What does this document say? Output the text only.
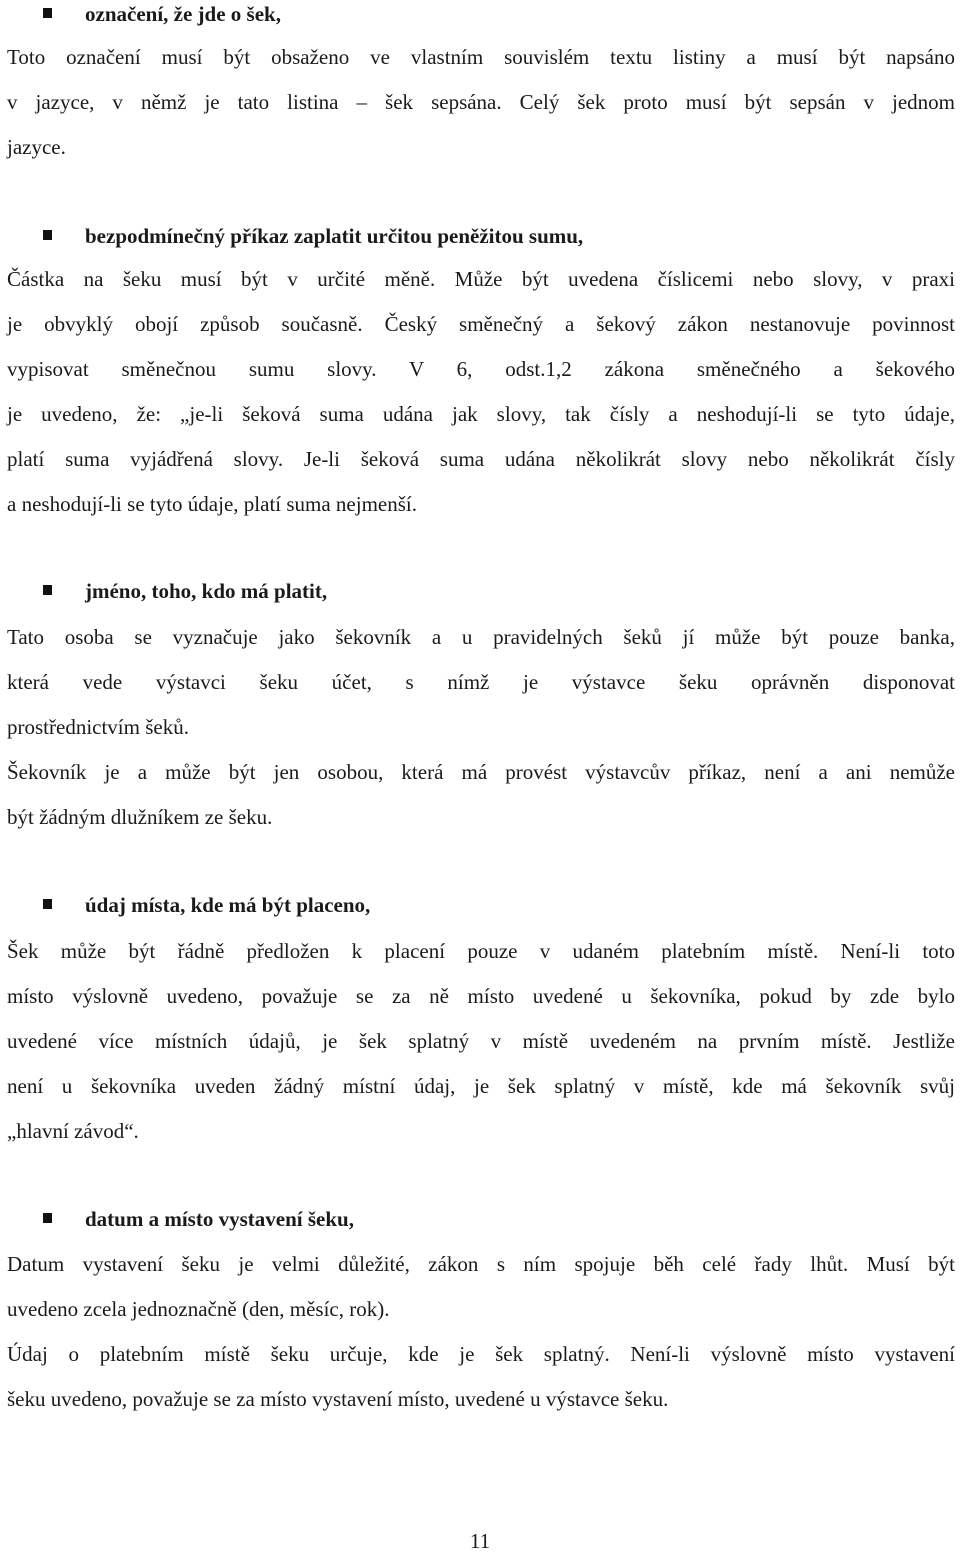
označení, že jde o šek,
Toto označení musí být obsaženo ve vlastním souvislém textu listiny a musí být napsáno
v jazyce, v němž je tato listina – šek sepsána. Celý šek proto musí být sepsán v jednom
jazyce.
bezpodmínečný příkaz zaplatit určitou peněžitou sumu,
Částka na šeku musí být v určité měně. Může být uvedena číslicemi nebo slovy, v praxi
je obvyklý obojí způsob současně. Český směnečný a šekový zákon nestanovuje povinnost
vypisovat směnečnou sumu slovy. V 6, odst.1,2 zákona směnečného a šekového
je uvedeno, že: „je-li šeková suma udána jak slovy, tak čísly a neshodují-li se tyto údaje,
platí suma vyjádřená slovy. Je-li šeková suma udána několikrát slovy nebo několikrát čísly
a neshodují-li se tyto údaje, platí suma nejmenší.
jméno, toho, kdo má platit,
Tato osoba se vyznačuje jako šekovník a u pravidelných šeků jí může být pouze banka,
která vede výstavci šeku účet, s nímž je výstavce šeku oprávněn disponovat
prostřednictvím šeků.
Šekovník je a může být jen osobou, která má provést výstavcův příkaz, není a ani nemůže
být žádným dlužníkem ze šeku.
údaj místa, kde má být placeno,
Šek může být řádně předložen k placení pouze v udaném platebním místě. Není-li toto
místo výslovně uvedeno, považuje se za ně místo uvedené u šekovníka, pokud by zde bylo
uvedené více místních údajů, je šek splatný v místě uvedeném na prvním místě. Jestliže
není u šekovníka uveden žádný místní údaj, je šek splatný v místě, kde má šekovník svůj
„hlavní závod“.
datum a místo vystavení šeku,
Datum vystavení šeku je velmi důležité, zákon s ním spojuje běh celé řady lhůt. Musí být
uvedeno zcela jednoznačně (den, měsíc, rok).
Údaj o platebním místě šeku určuje, kde je šek splatný. Není-li výslovně místo vystavení
šeku uvedeno, považuje se za místo vystavení místo, uvedené u výstavce šeku.
11
